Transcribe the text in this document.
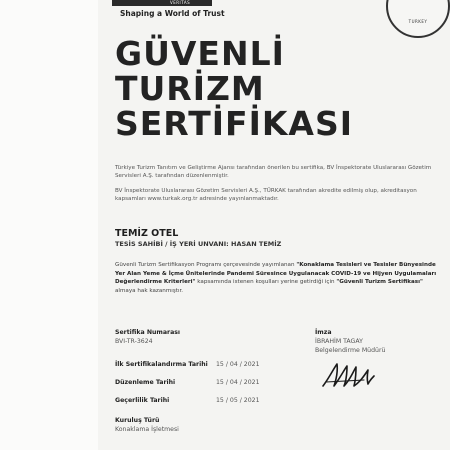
VERITAS
Shaping a World of Trust
TURKEY
GÜVENLİ
TURİZM
SERTİFİKASI
Türkiye Turizm Tanıtım ve Geliştirme Ajansı tarafından önerilen bu sertifika, BV İnspektorate Uluslararası Gözetim Servisleri A.Ş. tarafından düzenlenmiştir.
BV İnspektorate Uluslararası Gözetim Servisleri A.Ş., TÜRKAK tarafından akredite edilmiş olup, akreditasyon kapsamları www.turkak.org.tr adresinde yayınlanmaktadır.
TEMİZ OTEL
TESİS SAHİBİ / İŞ YERİ UNVANI: HASAN TEMİZ
Güvenli Turizm Sertifikasyon Programı çerçevesinde yayımlanan "Konaklama Tesisleri ve Tesisler Bünyesinde Yer Alan Yeme & İçme Ünitelerinde Pandemi Süresince Uygulanacak COVID-19 ve Hijyen Uygulamaları Değerlendirme Kriterleri" kapsamında istenen koşulları yerine getirdiği için "Güvenli Turizm Sertifikası" almaya hak kazanmıştır.
Sertifika Numarası
BVI-TR-3624
İlk Sertifikalandırma Tarihi 15 / 04 / 2021
Düzenleme Tarihi	15 / 04 / 2021
Geçerlilik Tarihi	15 / 05 / 2021
Kuruluş Türü
Konaklama İşletmesi
İmza
İBRAHİM TAGAY
Belgelendirme Müdürü
